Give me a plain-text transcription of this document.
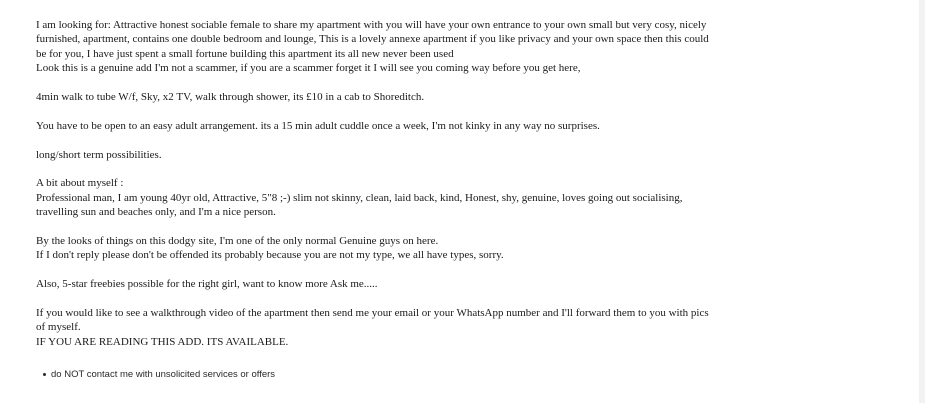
I am looking for: Attractive honest sociable female to share my apartment with you will have your own entrance to your own small but very cosy, nicely
furnished, apartment, contains one double bedroom and lounge, This is a lovely annexe apartment if you like privacy and your own space then this could
be for you, I have just spent a small fortune building this apartment its all new never been used
Look this is a genuine add I'm not a scammer, if you are a scammer forget it I will see you coming way before you get here,

4min walk to tube W/f, Sky, x2 TV, walk through shower, its £10 in a cab to Shoreditch.

You have to be open to an easy adult arrangement. its a 15 min adult cuddle once a week, I'm not kinky in any way no surprises.

long/short term possibilities.

A bit about myself :
Professional man, I am young 40yr old, Attractive, 5"8 ;-) slim not skinny, clean, laid back, kind, Honest, shy, genuine, loves going out socialising,
travelling sun and beaches only, and I'm a nice person.

By the looks of things on this dodgy site, I'm one of the only normal Genuine guys on here.
If I don't reply please don't be offended its probably because you are not my type, we all have types, sorry.

Also, 5-star freebies possible for the right girl, want to know more Ask me.....

If you would like to see a walkthrough video of the apartment then send me your email or your WhatsApp number and I'll forward them to you with pics
of myself.
IF YOU ARE READING THIS ADD. ITS AVAILABLE.

do NOT contact me with unsolicited services or offers
